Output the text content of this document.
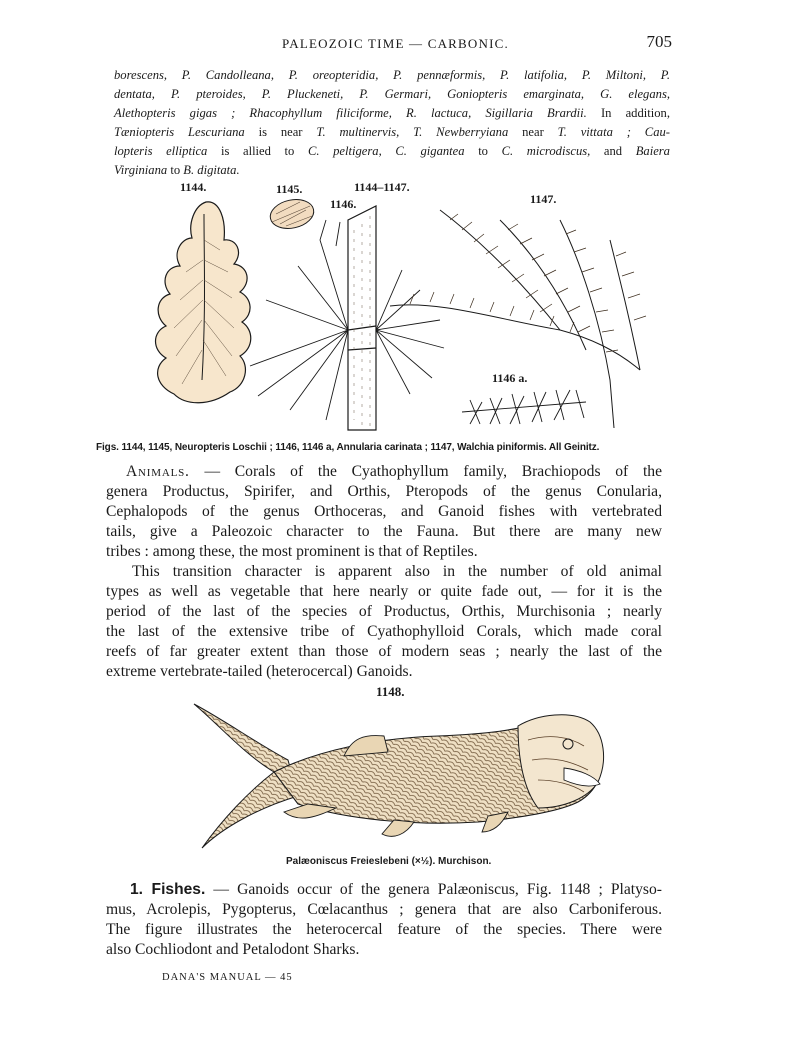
PALEOZOIC TIME — CARBONIC.	705
borescens, P. Candolleana, P. oreopteridia, P. pennæformis, P. latifolia, P. Miltoni, P.
dentata, P. pteroides, P. Pluckeneti, P. Germari, Goniopteris emarginata, G. elegans,
Alethopteris gigas ; Rhacophyllum filiciforme, R. lactuca, Sigillaria Brardii. In addition,
Tæniopteris Lescuriana is near T. multinervis, T. Newberryiana near T. vittata ; Cau-
lopteris elliptica is allied to C. peltigera, C. gigantea to C. microdiscus, and Baiera
Virginiana to B. digitata.
1144.	1145.	1144–1147.
1146.	1147.
1146 a.
Figs. 1144, 1145, Neuropteris Loschii ; 1146, 1146 a, Annularia carinata ; 1147, Walchia piniformis. All Geinitz.
Animals. — Corals of the Cyathophyllum family, Brachiopods of the
genera Productus, Spirifer, and Orthis, Pteropods of the genus Conularia,
Cephalopods of the genus Orthoceras, and Ganoid fishes with vertebrated
tails, give a Paleozoic character to the Fauna. But there are many new
tribes : among these, the most prominent is that of Reptiles.
This transition character is apparent also in the number of old animal
types as well as vegetable that here nearly or quite fade out, — for it is the
period of the last of the species of Productus, Orthis, Murchisonia ; nearly
the last of the extensive tribe of Cyathophylloid Corals, which made coral
reefs of far greater extent than those of modern seas ; nearly the last of the
extreme vertebrate-tailed (heterocercal) Ganoids.
1148.
Palæoniscus Freieslebeni (×½). Murchison.
1. Fishes. — Ganoids occur of the genera Palæoniscus, Fig. 1148 ; Platyso-
mus, Acrolepis, Pygopterus, Cœlacanthus ; genera that are also Carboniferous.
The figure illustrates the heterocercal feature of the species. There were
also Cochliodont and Petalodont Sharks.
DANA'S MANUAL — 45
